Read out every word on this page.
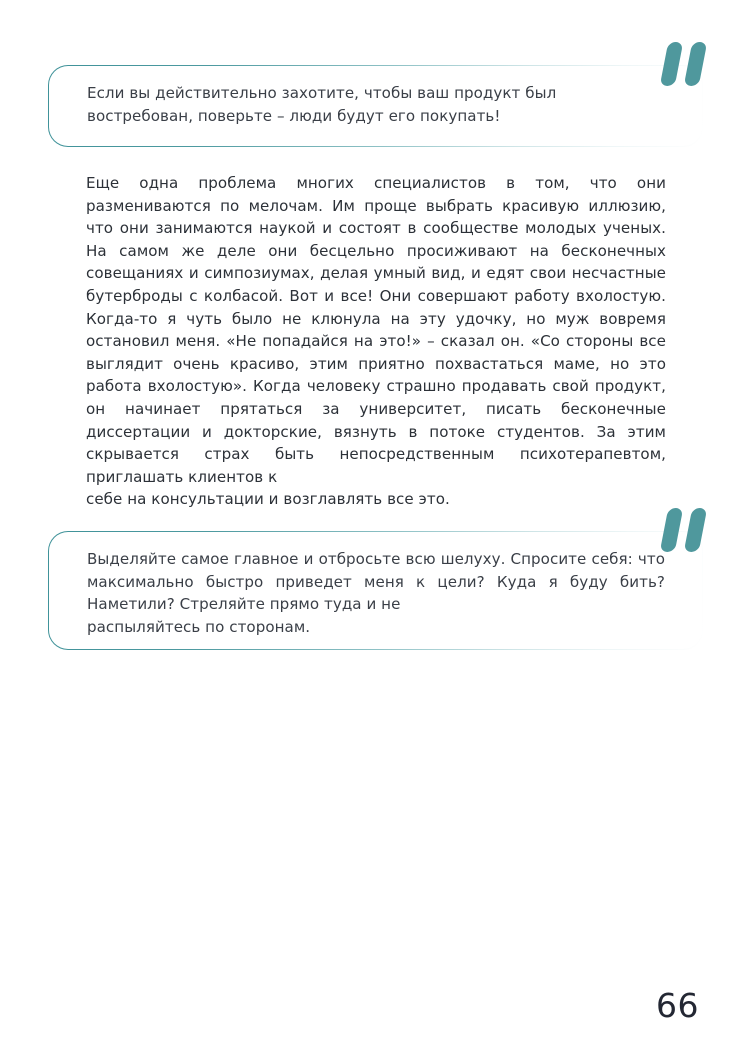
Если вы действительно захотите, чтобы ваш продукт был
востребован, поверьте – люди будут его покупать!
Еще одна проблема многих специалистов в том, что они размениваются по мелочам. Им проще выбрать красивую иллюзию, что они занимаются наукой и состоят в сообществе молодых ученых. На самом же деле они бесцельно просиживают на бесконечных совещаниях и симпозиумах, делая умный вид, и едят свои несчастные бутерброды с колбасой. Вот и все! Они совершают работу вхолостую. Когда-то я чуть было не клюнула на эту удочку, но муж вовремя остановил меня. «Не попадайся на это!» – сказал он. «Со стороны все выглядит очень красиво, этим приятно похвастаться маме, но это работа вхолостую». Когда человеку страшно продавать свой продукт, он начинает прятаться за университет, писать бесконечные диссертации и докторские, вязнуть в потоке студентов. За этим скрывается страх быть непосредственным психотерапевтом, приглашать клиентов к
себе на консультации и возглавлять все это.
Выделяйте самое главное и отбросьте всю шелуху. Спросите себя: что максимально быстро приведет меня к цели? Куда я буду бить? Наметили? Стреляйте прямо туда и не
распыляйтесь по сторонам.
66
